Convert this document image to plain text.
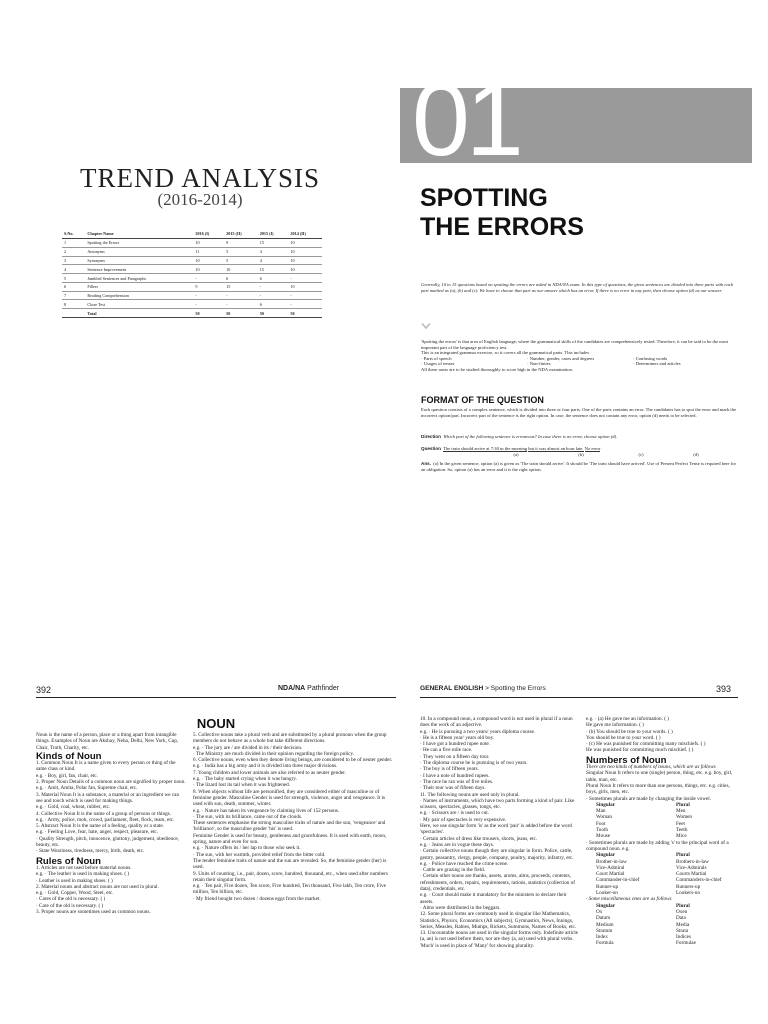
TREND ANALYSIS
(2016-2014)
S.No.	Chapter Name	2016 (I)	2015 (II)	2015 (I)	2014 (II)
1	Spotting the Errors	10	9	15	10
2	Antonyms	11	5	4	10
3	Synonyms	10	5	4	10
4	Sentence Improvement	10	10	15	10
5	Jumbled Sentences and Paragraphs	-	6	6	-
6	Fillers	9	15	-	10
7	Reading Comprehension	-	-	-	-
8	Cloze Test	-	-	6	-
	Total	50	50	50	50
01
SPOTTING
THE ERRORS
Generally, 10 to 15 questions based on spotting the errors are asked in NDA/NA exam. In this type of questions, the given sentences are divided into three parts with each part marked as (a), (b) and (c). We have to choose that part as our answer which has an error. If there is no error in any part, then choose option (d) as our answer.
'Spotting the errors' is that area of English language, where the grammatical skills of the candidates are comprehensively tested. Therefore, it can be said to be the most important part of the language proficiency test.
This is an integrated grammar exercise, so it covers all the grammatical parts. This includes
· Parts of speech	· Number, gender, cases and degrees	· Confusing words
· Usages of tenses	· Non-finites	· Determiners and articles
All these areas are to be studied thoroughly to score high in the NDA examination.
FORMAT OF THE QUESTION
Each question consists of a complex sentence, which is divided into three or four parts. One of the parts contains an error. The candidates has to spot the error and mark the incorrect option/part. Incorrect part of the sentence is the right option. In case, the sentence does not contain any error, option (d) needs to be selected.
Direction Which part of the following sentence is erroneous? In case there is no error, choose option (d).
Question The train should arrive at 7:30 in the morning but it was almost an hour late. No error
(a)	(b)	(c)	(d)
Ans. (a) In the given sentence, option (a) is given as 'The train should arrive'. It should be 'The train should have arrived'. Use of Present Perfect Tense is required here for an obligation. So, option (a) has an error and it is the right option.
392	NDA/NA Pathfinder
NOUN
Noun is the name of a person, place or a thing apart from intangible things. Examples of Noun are Akshay, Neha, Delhi, New York, Cup, Chair, Truth, Charity, etc.
Kinds of Noun
1. Common Noun It is a name given to every person or thing of the same class or kind.
e.g. · Boy, girl, fan, chair, etc.
2. Proper Noun Details of a common noun are signified by proper noun.
e.g. · Amit, Amita, Polar fan, Supreme chair, etc.
3. Material Noun It is a substance, a material or an ingredient we can see and touch which is used for making things.
e.g. · Gold, coal, wheat, rubber, etc.
4. Collective Noun It is the name of a group of persons or things.
e.g. · Army, police, mob, crowd, parliament, fleet, flock, team, etc.
5. Abstract Noun It is the name of a feeling, quality or a state.
e.g. · Feeling Love, fear, hate, anger, respect, pleasure, etc.
· Quality Strength, pitch, innocence, gluttony, judgement, obedience, beauty, etc.
· State Weariness, tiredness, mercy, birth, death, etc.
Rules of Noun
1. Articles are not used before material nouns.
e.g. · The leather is used in making shoes. ( )
· Leather is used in making shoes. ( )
2. Material nouns and abstract nouns are not used in plural.
e.g. · Gold, Copper, Wood, Steel, etc.
· Cares of the old is necessary. ( )
· Care of the old is necessary. ( )
3. Proper nouns are sometimes used as common nouns.
5. Collective nouns take a plural verb and are substituted by a plural pronoun when the group members do not behave as a whole but take different directions.
e.g. · The jury are / are divided in its / their decision.
· The Ministry are much divided in their opinion regarding the foreign policy.
6. Collective nouns, even when they denote living beings, are considered to be of neuter gender.
e.g. · India has a big army and it is divided into three major divisions.
7. Young children and lower animals are also referred to as neuter gender.
e.g. · The baby started crying when it was hungry.
· The lizard lost its tail when it was frightened.
8. When objects without life are personified, they are considered either of masculine or of feminine gender. Masculine Gender is used for strength, violence, anger and vengeance. It is used with sun, death, summer, winter.
e.g. · Nature has taken its vengeance by claiming lives of 152 persons.
· The sun, with its brilliance, came out of the clouds.
These sentences emphasise the strong masculine traits of nature and the sun, 'vengeance' and 'brilliance', so the masculine gender 'his' is used.
Feminine Gender is used for beauty, gentleness and gracefulness. It is used with earth, moon, spring, nature and even for sun.
e.g. · Nature offers its / her lap to those who seek it.
· The sun, with her warmth, provided relief from the bitter cold.
The tender feminine traits of nature and the sun are revealed. So, the feminine gender (her) is used.
9. Units of counting, i.e., pair, dozen, score, hundred, thousand, etc., when used after numbers retain their singular form.
e.g. · Ten pair, Five dozen, Ten score, Five hundred, Ten thousand, Five lakh, Ten crore, Five million, Ten billion, etc.
· My friend bought two dozen / dozens eggs from the market.
GENERAL ENGLISH > Spotting the Errors	393
10. In a compound noun, a compound word is not used in plural if a noun does the work of an adjective.
e.g. · He is pursuing a two years/ years diploma course.
· He is a fifteen year/ years old boy.
· I have got a hundred rupee note.
· He can a five mile race.
· They went on a fifteen day tour.
· The diploma course he is pursuing is of two years.
· The boy is of fifteen years.
· I have a note of hundred rupees.
· The race he ran was of five miles.
· Their tour was of fifteen days.
11. The following nouns are used only in plural.
· Names of instruments, which have two parts forming a kind of pair. Like scissors, spectacles, glasses, tongs, etc.
e.g. · Scissors are / is used to cut.
· My pair of spectacles is very expensive.
Here, we use singular form 'is' as the word 'pair' is added before the word 'spectacles'.
· Certain articles of dress like trousers, shorts, jeans, etc.
e.g. · Jeans are in vogue these days.
· Certain collective nouns though they are singular in form. Police, cattle, gentry, peasantry, clergy, people, company, poultry, majority, infantry, etc.
e.g. · Police have reached the crime scene.
· Cattle are grazing in the field.
· Certain other nouns are thanks, assets, aroms, alms, proceeds, contents, refreshments, orders, repairs, requirements, rations, statistics (collection of data), credentials, etc.
e.g. · Court should make it mandatory for the ministers to declare their assets.
· Alms were distributed in the beggars.
12. Some plural forms are commonly used in singular like Mathematics, Statistics, Physics, Economics (All subjects), Gymnastics, News, Innings, Series, Measles, Rabies, Mumps, Rickets, Summons, Names of Books, etc.
13. Uncountable nouns are used in the singular forms only. Indefinite article (a, an) is not used before them, nor are they (a, an) used with plural verbs. 'Much' is used in place of 'Many' for showing plurality.
e.g. · (a) He gave me an information. ( )
He gave me information. ( )
· (b) You should be true to your words. ( )
You should be true to your word. ( )
· (c) He was punished for committing many mischiefs. ( )
He was punished for committing much mischief. ( )
Numbers of Noun
There are two kinds of numbers of nouns, which are as follows
Singular Noun It refers to one (single) person, thing, etc. e.g. boy, girl, table, man, etc.
Plural Noun It refers to more than one persons, things, etc. e.g. cities, boys, girls, men, etc.
· Sometimes plurals are made by changing the inside vowel.
Singular	Plural
Man	Men
Woman	Women
Foot	Feet
Tooth	Teeth
Mouse	Mice
· Sometimes plurals are made by adding 's' to the principal word of a compound noun. e.g.
Singular	Plural
Brother-in-law	Brothers-in-law
Vice-Admiral	Vice-Admirals
Court Martial	Courts Martial
Commander-in-chief	Commanders-in-chief
Runner-up	Runners-up
Looker-on	Lookers-on
· Some miscellaneous ones are as follows
Singular	Plural
Ox	Oxen
Datum	Data
Medium	Media
Stratum	Strata
Index	Indices
Formula	Formulae
